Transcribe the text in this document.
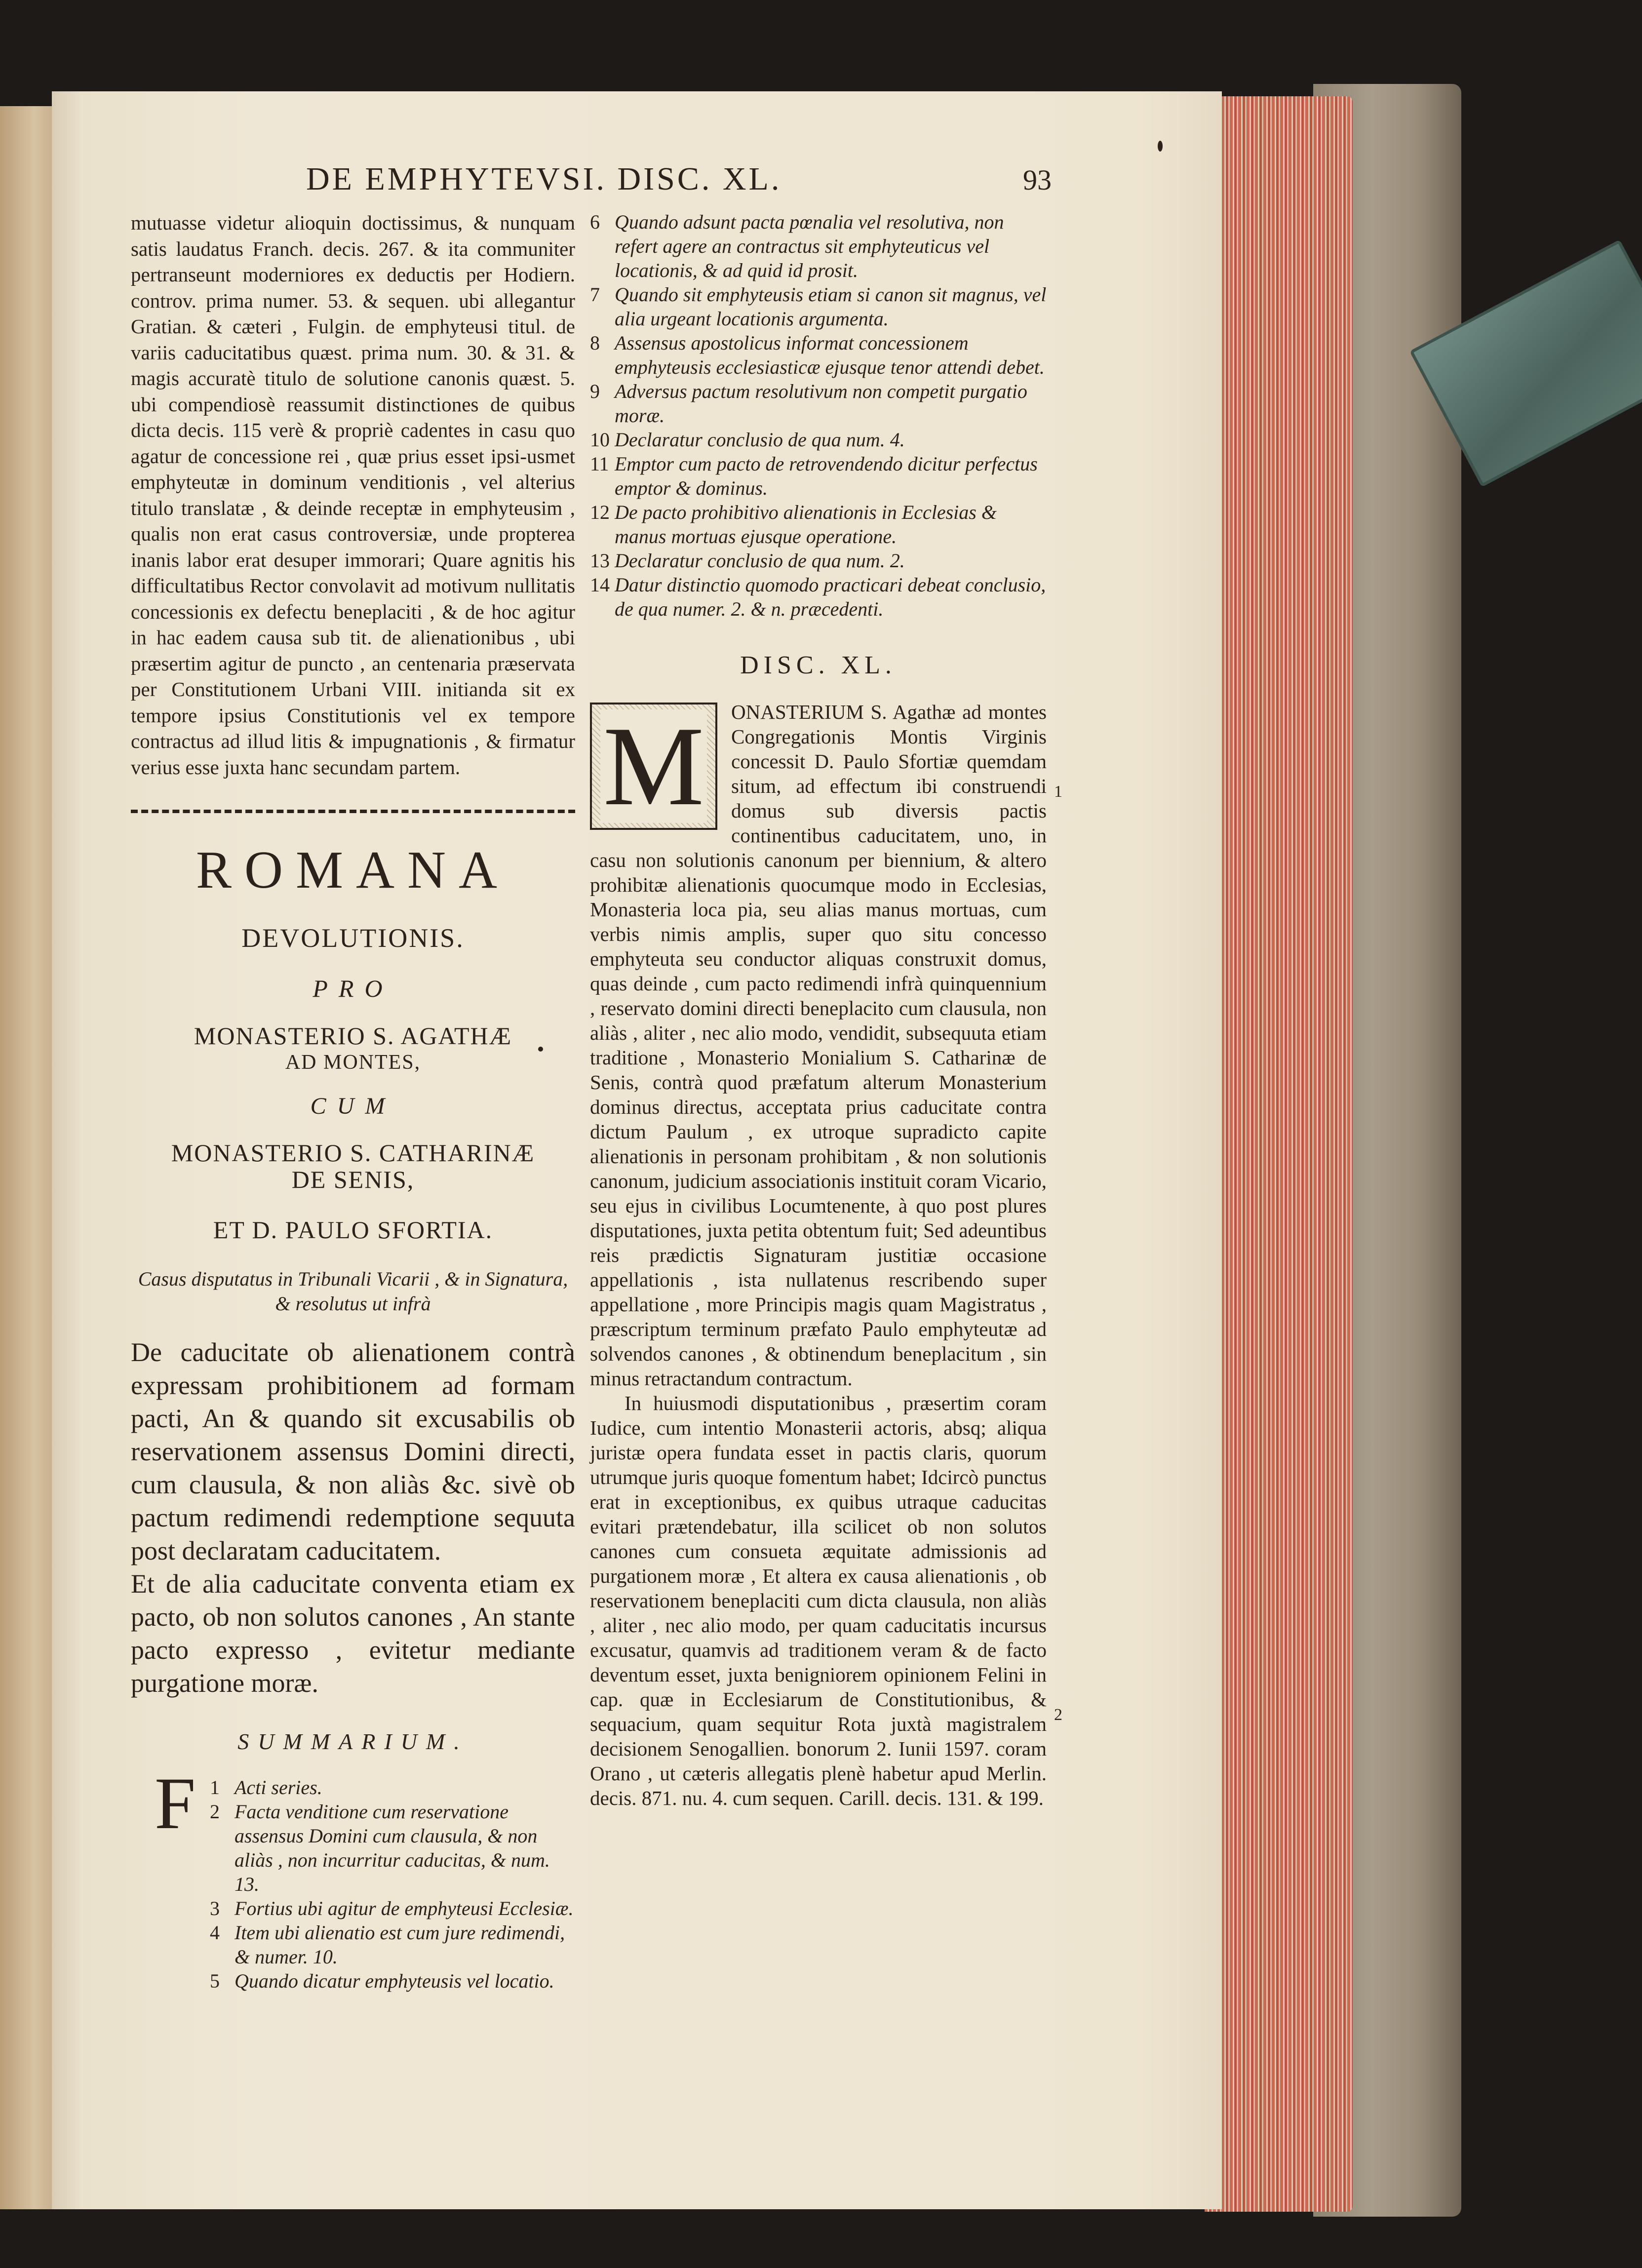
DE EMPHYTEVSI. DISC. XL.	93

mutuasse videtur alioquin doctissimus, & nunquam satis laudatus Franch. decis. 267. & ita communiter pertranseunt moderniores ex deductis per Hodiern. controv. prima numer. 53. & sequen. ubi allegantur Gratian. & cæteri , Fulgin. de emphyteusi titul. de variis caducitatibus quæst. prima num. 30. & 31. & magis accuratè titulo de solutione canonis quæst. 5. ubi compendiosè reassumit distinctiones de quibus dicta decis. 115 verè & propriè cadentes in casu quo agatur de concessione rei , quæ prius esset ipsi-usmet emphyteutæ in dominum venditionis , vel alterius titulo translatæ , & deinde receptæ in emphyteusim , qualis non erat casus controversiæ, unde propterea inanis labor erat desuper immorari; Quare agnitis his difficultatibus Rector convolavit ad motivum nullitatis concessionis ex defectu beneplaciti , & de hoc agitur in hac eadem causa sub tit. de alienationibus , ubi præsertim agitur de puncto , an centenaria præservata per Constitutionem Urbani VIII. initianda sit ex tempore ipsius Constitutionis vel ex tempore contractus ad illud litis & impugnationis , & firmatur verius esse juxta hanc secundam partem.

ROMANA

DEVOLUTIONIS.

PRO

MONASTERIO S. AGATHÆ

AD MONTES,

CUM

MONASTERIO S. CATHARINÆ

DE SENIS,

ET D. PAULO SFORTIA.

Casus disputatus in Tribunali Vicarii , & in Signatura, & resolutus ut infrà

De caducitate ob alienationem contrà expressam prohibitionem ad formam pacti, An & quando sit excusabilis ob reservationem assensus Domini directi, cum clausula, & non aliàs &c. sivè ob pactum redimendi redemptione sequuta post declaratam caducitatem.

Et de alia caducitate conventa etiam ex pacto, ob non solutos canones , An stante pacto expresso , evitetur mediante purgatione moræ.

SUMMARIUM.

F 1 Acti series.
2 Facta venditione cum reservatione assensus Domini cum clausula, & non aliàs , non incurritur caducitas, & num. 13.
3 Fortius ubi agitur de emphyteusi Ecclesiæ.
4 Item ubi alienatio est cum jure redimendi, & numer. 10.
5 Quando dicatur emphyteusis vel locatio.
6 Quando adsunt pacta pœnalia vel resolutiva, non refert agere an contractus sit emphyteuticus vel locationis, & ad quid id prosit.
7 Quando sit emphyteusis etiam si canon sit magnus, vel alia urgeant locationis argumenta.
8 Assensus apostolicus informat concessionem emphyteusis ecclesiasticæ ejusque tenor attendi debet.
9 Adversus pactum resolutivum non competit purgatio moræ.
10 Declaratur conclusio de qua num. 4.
11 Emptor cum pacto de retrovendendo dicitur perfectus emptor & dominus.
12 De pacto prohibitivo alienationis in Ecclesias & manus mortuas ejusque operatione.
13 Declaratur conclusio de qua num. 2.
14 Datur distinctio quomodo practicari debeat conclusio, de qua numer. 2. & n. præcedenti.

DISC. XL.

M	ONASTERIUM S. Agathæ ad montes Congregationis Montis Virginis concessit D. Paulo Sfortiæ quemdam situm, ad effectum ibi construendi domus sub diversis pactis continentibus caducitatem, uno, in casu non solutionis canonum per biennium, & altero prohibitæ alienationis quocumque modo in Ecclesias, Monasteria loca pia, seu alias manus mortuas, cum verbis nimis amplis, super quo situ concesso emphyteuta seu conductor aliquas construxit domus, quas deinde , cum pacto redimendi infrà quinquennium , reservato domini directi beneplacito cum clausula, non aliàs , aliter , nec alio modo, vendidit, subsequuta etiam traditione , Monasterio Monialium S. Catharinæ de Senis, contrà quod præfatum alterum Monasterium dominus directus, acceptata prius caducitate contra dictum Paulum , ex utroque supradicto capite alienationis in personam prohibitam , & non solutionis canonum, judicium associationis instituit coram Vicario, seu ejus in civilibus Locumtenente, à quo post plures disputationes, juxta petita obtentum fuit; Sed adeuntibus reis prædictis Signaturam justitiæ occasione appellationis , ista nullatenus rescribendo super appellatione , more Principis magis quam Magistratus , præscriptum terminum præfato Paulo emphyteutæ ad solvendos canones , & obtinendum beneplacitum , sin minus retractandum contractum.

In huiusmodi disputationibus , præsertim coram Iudice, cum intentio Monasterii actoris, absq; aliqua juristæ opera fundata esset in pactis claris, quorum utrumque juris quoque fomentum habet; Idcircò punctus erat in exceptionibus, ex quibus utraque caducitas evitari prætendebatur, illa scilicet ob non solutos canones cum consueta æquitate admissionis ad purgationem moræ , Et altera ex causa alienationis , ob reservationem beneplaciti cum dicta clausula, non aliàs , aliter , nec alio modo, per quam caducitatis incursus excusatur, quamvis ad traditionem veram & de facto deventum esset, juxta benigniorem opinionem Felini in cap. quæ in Ecclesiarum de Constitutionibus, & sequacium, quam sequitur Rota juxtà magistralem decisionem Senogallien. bonorum 2. Iunii 1597. coram Orano , ut cæteris allegatis plenè habetur apud Merlin. decis. 871. nu. 4. cum sequen. Carill. decis. 131. & 199.

1
2
